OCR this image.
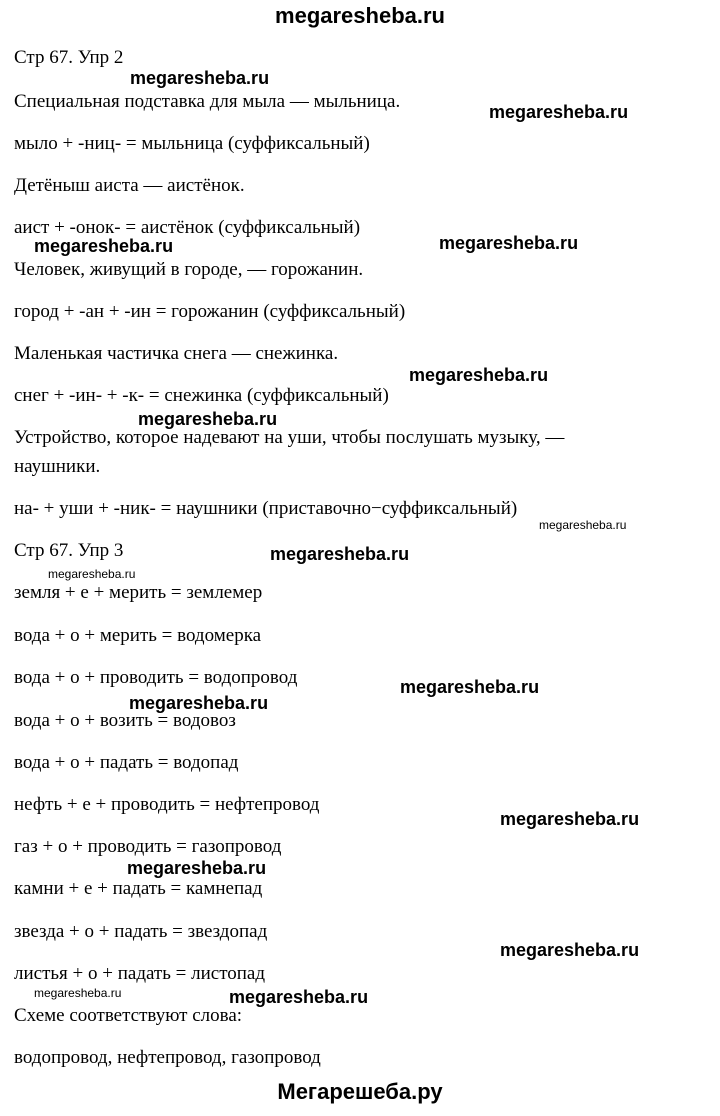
megaresheba.ru
Стр 67. Упр 2
Специальная подставка для мыла — мыльница.
мыло + -ниц- = мыльница (суффиксальный)
Детёныш аиста — аистёнок.
аист + -онок- = аистёнок (суффиксальный)
Человек, живущий в городе, — горожанин.
город + -ан + -ин = горожанин (суффиксальный)
Маленькая частичка снега — снежинка.
снег + -ин- + -к- = снежинка (суффиксальный)
Устройство, которое надевают на уши, чтобы послушать музыку, —
наушники.
на- + уши + -ник- = наушники (приставочно−суффиксальный)
Стр 67. Упр 3
земля + е + мерить = землемер
вода + о + мерить = водомерка
вода + о + проводить = водопровод
вода + о + возить = водовоз
вода + о + падать = водопад
нефть + е + проводить = нефтепровод
газ + о + проводить = газопровод
камни + е + падать = камнепад
звезда + о + падать = звездопад
листья + о + падать = листопад
Схеме соответствуют слова:
водопровод, нефтепровод, газопровод
megaresheba.ru
megaresheba.ru
megaresheba.ru	megaresheba.ru
megaresheba.ru
megaresheba.ru
megaresheba.ru
megaresheba.ru
megaresheba.ru
megaresheba.ru
megaresheba.ru
megaresheba.ru
megaresheba.ru
megaresheba.ru
megaresheba.ru	megaresheba.ru
Мегарешеба.ру
